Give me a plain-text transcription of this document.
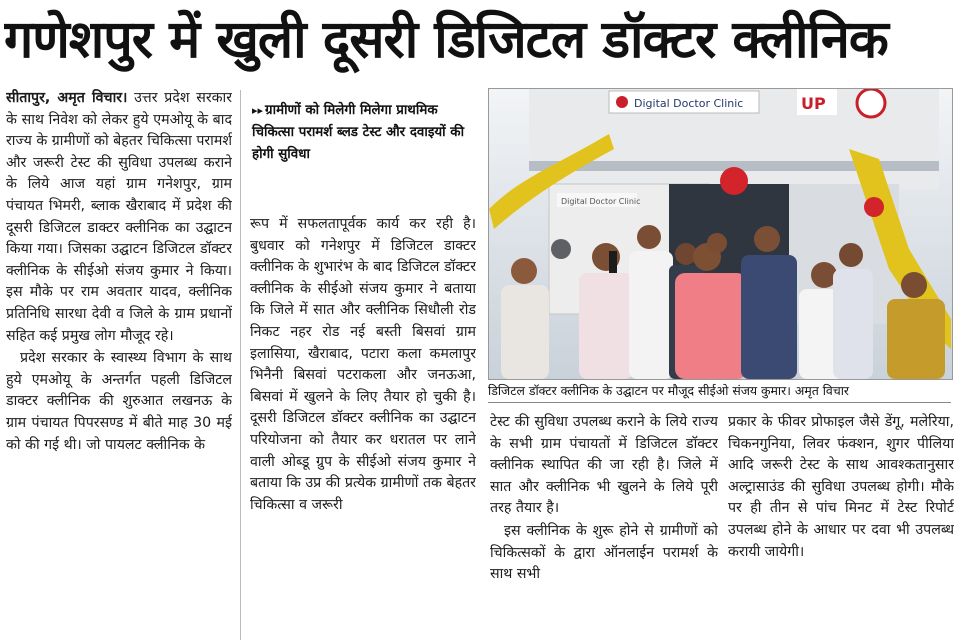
गणेशपुर में खुली दूसरी डिजिटल डॉक्टर क्लीनिक

सीतापुर, अमृत विचार। उत्तर प्रदेश सरकार के साथ निवेश को लेकर हुये एमओयू के बाद राज्य के ग्रामीणों को बेहतर चिकित्सा परामर्श और जरूरी टेस्ट की सुविधा उपलब्ध कराने के लिये आज यहां ग्राम गनेशपुर, ग्राम पंचायत भिमरी, ब्लाक खैराबाद में प्रदेश की दूसरी डिजिटल डाक्टर क्लीनिक का उद्घाटन किया गया। जिसका उद्घाटन डिजिटल डॉक्टर क्लीनिक के सीईओ संजय कुमार ने किया। इस मौके पर राम अवतार यादव, क्लीनिक प्रतिनिधि सारधा देवी व जिले के ग्राम प्रधानों सहित कई प्रमुख लोग मौजूद रहे।

प्रदेश सरकार के स्वास्थ्य विभाग के साथ हुये एमओयू के अन्तर्गत पहली डिजिटल डाक्टर क्लीनिक की शुरुआत लखनऊ के ग्राम पंचायत पिपरसण्ड में बीते माह 30 मई को की गई थी। जो पायलट क्लीनिक के

▸▸ ग्रामीणों को मिलेगी मिलेगा प्राथमिक चिकित्सा परामर्श ब्लड टेस्ट और दवाइयों की होगी सुविधा

रूप में सफलतापूर्वक कार्य कर रही है। बुधवार को गनेशपुर में डिजिटल डाक्टर क्लीनिक के शुभारंभ के बाद डिजिटल डॉक्टर क्लीनिक के सीईओ संजय कुमार ने बताया कि जिले में सात और क्लीनिक सिधौली रोड निकट नहर रोड नई बस्ती बिसवां ग्राम इलासिया, खैराबाद, पटारा कला कमलापुर भिनैनी बिसवां पटराकला और जनऊआ, बिसवां में खुलने के लिए तैयार हो चुकी है। दूसरी डिजिटल डॉक्टर क्लीनिक का उद्घाटन परियोजना को तैयार कर धरातल पर लाने वाली ओब्डू ग्रुप के सीईओ संजय कुमार ने बताया कि उप्र की प्रत्येक ग्रामीणों तक बेहतर चिकित्सा व जरूरी

Digital Doctor Clinic	UP
Digital Doctor Clinic
डिजिटल डॉक्टर क्लीनिक के उद्घाटन पर मौजूद सीईओ संजय कुमार। अमृत विचार

टेस्ट की सुविधा उपलब्ध कराने के लिये राज्य के सभी ग्राम पंचायतों में डिजिटल डॉक्टर क्लीनिक स्थापित की जा रही है। जिले में सात और क्लीनिक भी खुलने के लिये पूरी तरह तैयार है।

इस क्लीनिक के शुरू होने से ग्रामीणों को चिकित्सकों के द्वारा ऑनलाईन परामर्श के साथ सभी

प्रकार के फीवर प्रोफाइल जैसे डेंगू, मलेरिया, चिकनगुनिया, लिवर फंक्शन, शुगर पीलिया आदि जरूरी टेस्ट के साथ आवश्कतानुसार अल्ट्रासाउंड की सुविधा उपलब्ध होगी। मौके पर ही तीन से पांच मिनट में टेस्ट रिपोर्ट उपलब्ध होने के आधार पर दवा भी उपलब्ध करायी जायेगी।
